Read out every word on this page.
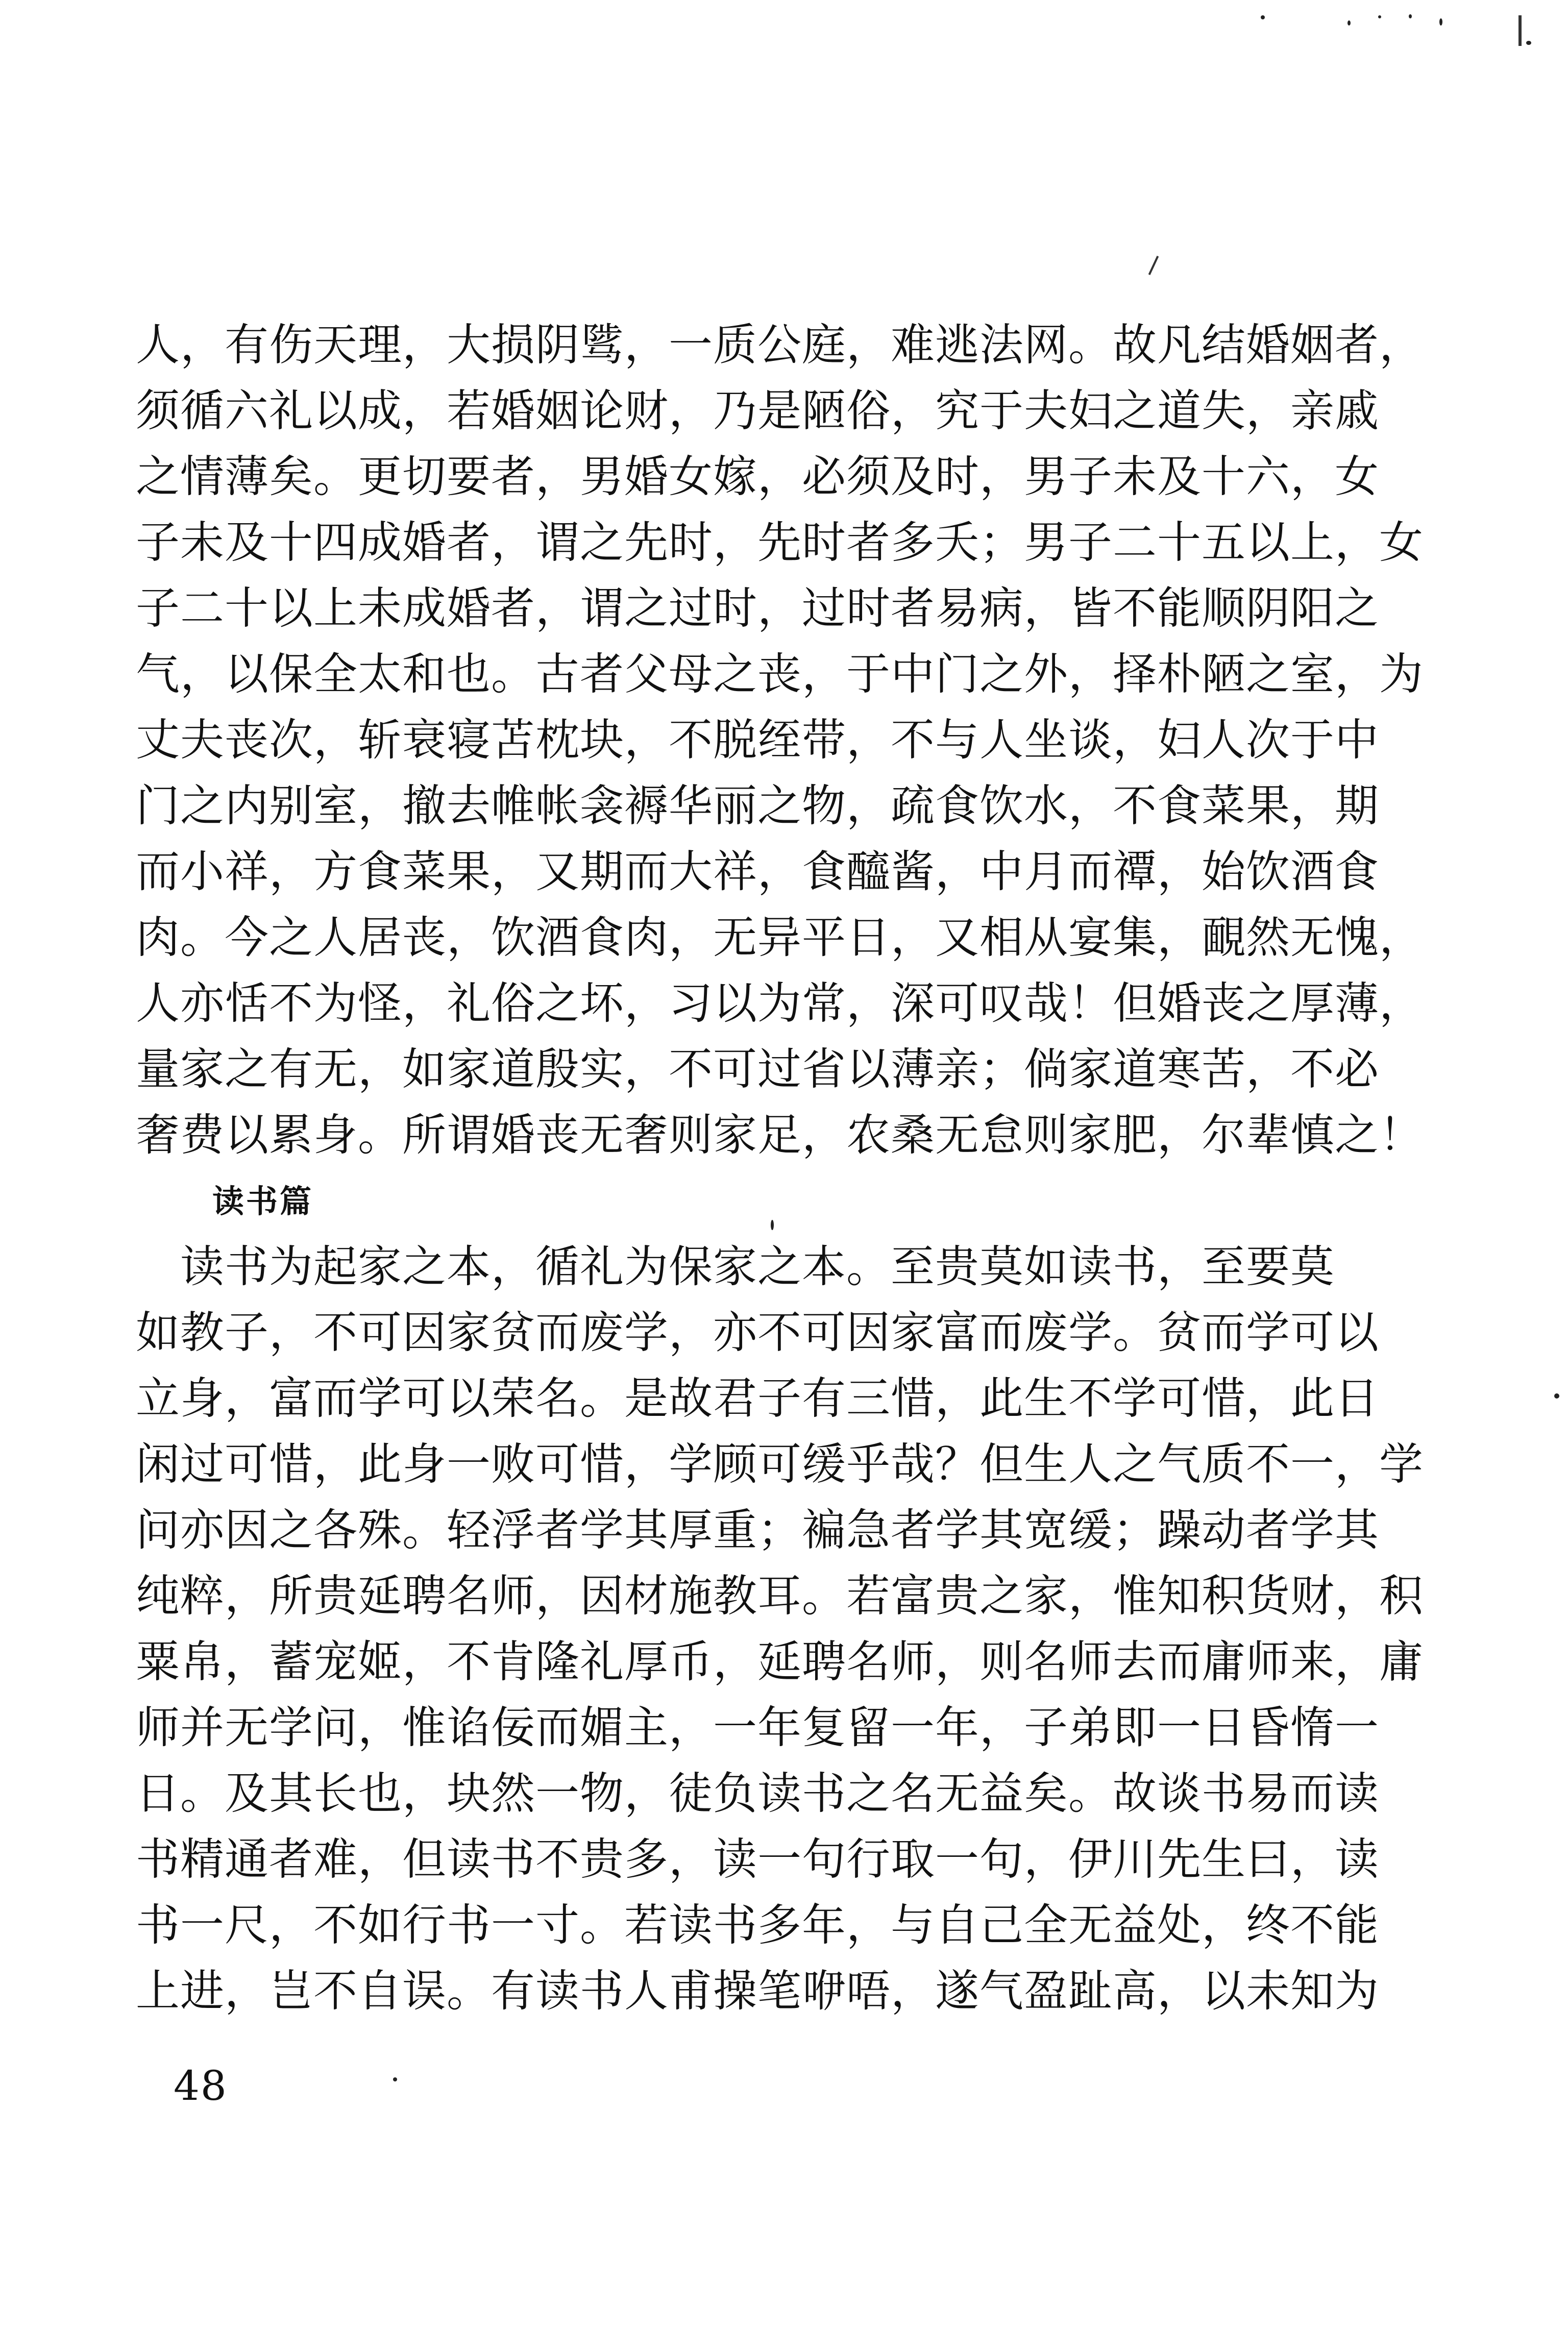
人，有伤天理，大损阴骘，一质公庭，难逃法网。故凡结婚姻者，
须循六礼以成，若婚姻论财，乃是陋俗，究于夫妇之道失，亲戚
之情薄矣。更切要者，男婚女嫁，必须及时，男子未及十六，女
子未及十四成婚者，谓之先时，先时者多夭；男子二十五以上，女
子二十以上未成婚者，谓之过时，过时者易病，皆不能顺阴阳之
气，以保全太和也。古者父母之丧，于中门之外，择朴陋之室，为
丈夫丧次，斩衰寝苫枕块，不脱绖带，不与人坐谈，妇人次于中
门之内别室，撤去帷帐衾褥华丽之物，疏食饮水，不食菜果，期
而小祥，方食菜果，又期而大祥，食醯酱，中月而禫，始饮酒食
肉。今之人居丧，饮酒食肉，无异平日，又相从宴集，靦然无愧，
人亦恬不为怪，礼俗之坏，习以为常，深可叹哉！但婚丧之厚薄，
量家之有无，如家道殷实，不可过省以薄亲；倘家道寒苦，不必
奢费以累身。所谓婚丧无奢则家足，农桑无怠则家肥，尔辈慎之！
读书篇
　读书为起家之本，循礼为保家之本。至贵莫如读书，至要莫
如教子，不可因家贫而废学，亦不可因家富而废学。贫而学可以
立身，富而学可以荣名。是故君子有三惜，此生不学可惜，此日
闲过可惜，此身一败可惜，学顾可缓乎哉？但生人之气质不一，学
问亦因之各殊。轻浮者学其厚重；褊急者学其宽缓；躁动者学其
纯粹，所贵延聘名师，因材施教耳。若富贵之家，惟知积货财，积
粟帛，蓄宠姬，不肯隆礼厚币，延聘名师，则名师去而庸师来，庸
师并无学问，惟谄佞而媚主，一年复留一年，子弟即一日昏惰一
日。及其长也，块然一物，徒负读书之名无益矣。故谈书易而读
书精通者难，但读书不贵多，读一句行取一句，伊川先生曰，读
书一尺，不如行书一寸。若读书多年，与自己全无益处，终不能
上进，岂不自误。有读书人甫操笔咿唔，遂气盈趾高，以未知为
48
